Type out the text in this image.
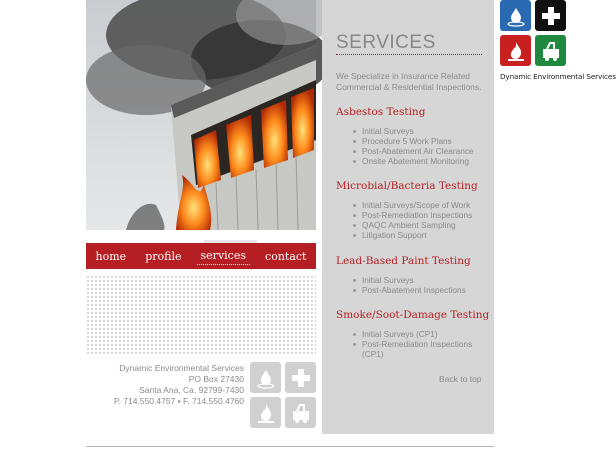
home	profile	services	contact
Dynamic Environmental Services
PO Box 27430
Santa Ana, Ca. 92799-7430
P. 714.550.4757 ▪ F. 714.550.4760
SERVICES
We Specialize in Insurance Related Commercial & Residential Inspections.
Asbestos Testing
Initial Surveys
Procedure 5 Work Plans
Post-Abatement Air Clearance
Onsite Abatement Monitoring
Microbial/Bacteria Testing
Initial Surveys/Scope of Work
Post-Remediation Inspections
QAQC Ambient Sampling
Litigation Support
Lead-Based Paint Testing
Initial Surveys
Post-Abatement Inspections
Smoke/Soot-Damage Testing
Initial Surveys (CP1)
Post-Remediation Inspections (CP1)
Back to top
Dynamic Environmental Services
